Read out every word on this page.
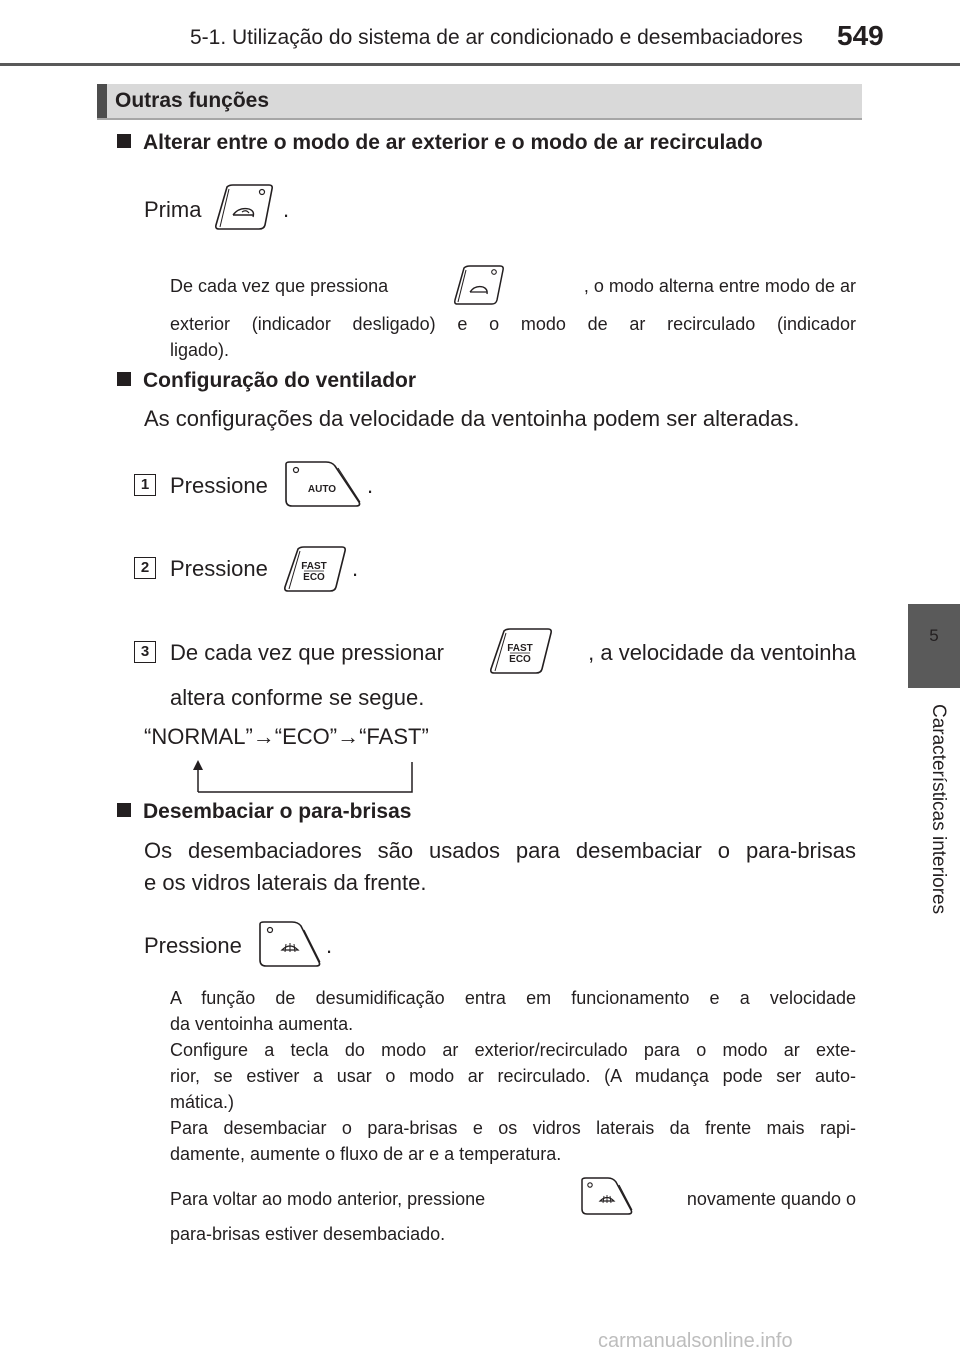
5-1. Utilização do sistema de ar condicionado e desembaciadores 549
5
Características interiores
Outras funções
Alterar entre o modo de ar exterior e o modo de ar recirculado
Prima	.
De cada vez que pressiona	, o modo alterna entre modo de ar
exterior (indicador desligado) e o modo de ar recirculado (indicador
ligado).
Configuração do ventilador
As configurações da velocidade da ventoinha podem ser alteradas.
1 Pressione	AUTO .
2 Pressione	FAST
ECO .
3 De cada vez que pressionar	FAST
ECO	, a velocidade da ventoinha
altera conforme se segue.
“NORMAL”→“ECO”→“FAST”
Desembaciar o para-brisas
Os desembaciadores são usados para desembaciar o para-brisas
e os vidros laterais da frente.
Pressione	.
A função de desumidificação entra em funcionamento e a velocidade
da ventoinha aumenta.
Configure a tecla do modo ar exterior/recirculado para o modo ar exte-
rior, se estiver a usar o modo ar recirculado. (A mudança pode ser auto-
mática.)
Para desembaciar o para-brisas e os vidros laterais da frente mais rapi-
damente, aumente o fluxo de ar e a temperatura.
Para voltar ao modo anterior, pressione	novamente quando o
para-brisas estiver desembaciado.
carmanualsonline.info
